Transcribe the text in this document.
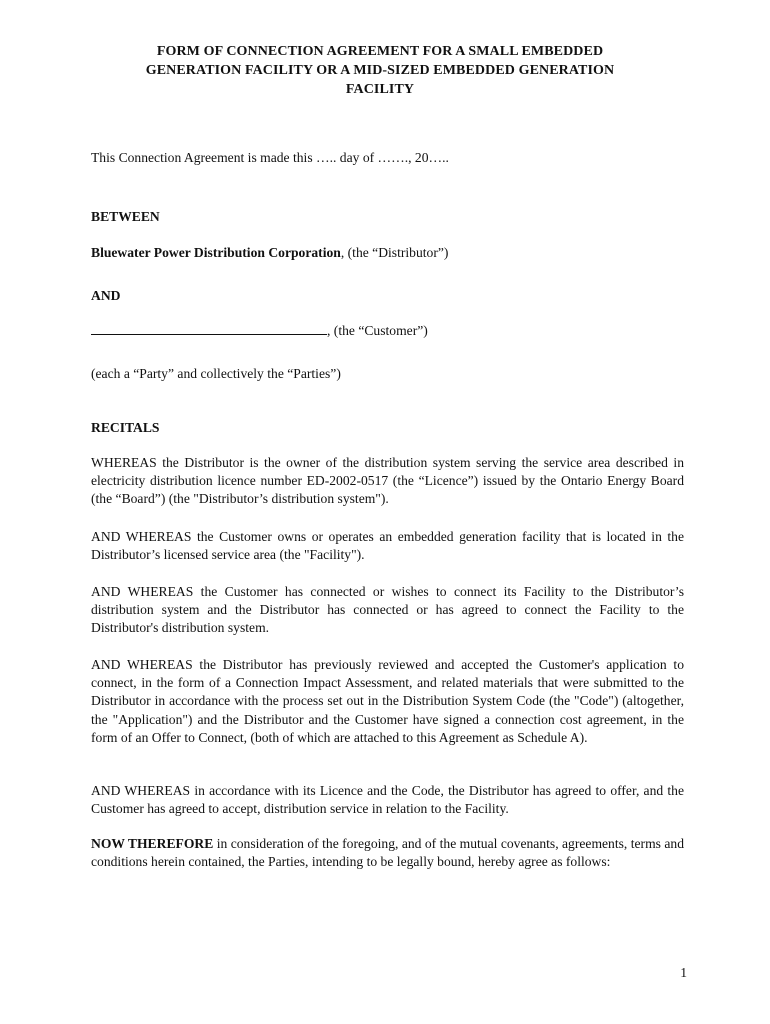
FORM OF CONNECTION AGREEMENT FOR A SMALL EMBEDDED
GENERATION FACILITY OR A MID-SIZED EMBEDDED GENERATION
FACILITY
This Connection Agreement is made this ….. day of ……., 20…..
BETWEEN
Bluewater Power Distribution Corporation, (the “Distributor”)
AND
, (the “Customer”)
(each a “Party” and collectively the “Parties”)
RECITALS
WHEREAS the Distributor is the owner of the distribution system serving the service area described in electricity distribution licence number ED-2002-0517 (the “Licence”) issued by the Ontario Energy Board (the “Board”) (the "Distributor’s distribution system").
AND WHEREAS the Customer owns or operates an embedded generation facility that is located in the Distributor’s licensed service area (the "Facility").
AND WHEREAS the Customer has connected or wishes to connect its Facility to the Distributor’s distribution system and the Distributor has connected or has agreed to connect the Facility to the Distributor's distribution system.
AND WHEREAS the Distributor has previously reviewed and accepted the Customer's application to connect, in the form of a Connection Impact Assessment, and related materials that were submitted to the Distributor in accordance with the process set out in the Distribution System Code (the "Code") (altogether, the "Application") and the Distributor and the Customer have signed a connection cost agreement, in the form of an Offer to Connect, (both of which are attached to this Agreement as Schedule A).
AND WHEREAS in accordance with its Licence and the Code, the Distributor has agreed to offer, and the Customer has agreed to accept, distribution service in relation to the Facility.
NOW THEREFORE in consideration of the foregoing, and of the mutual covenants, agreements, terms and conditions herein contained, the Parties, intending to be legally bound, hereby agree as follows:
1
